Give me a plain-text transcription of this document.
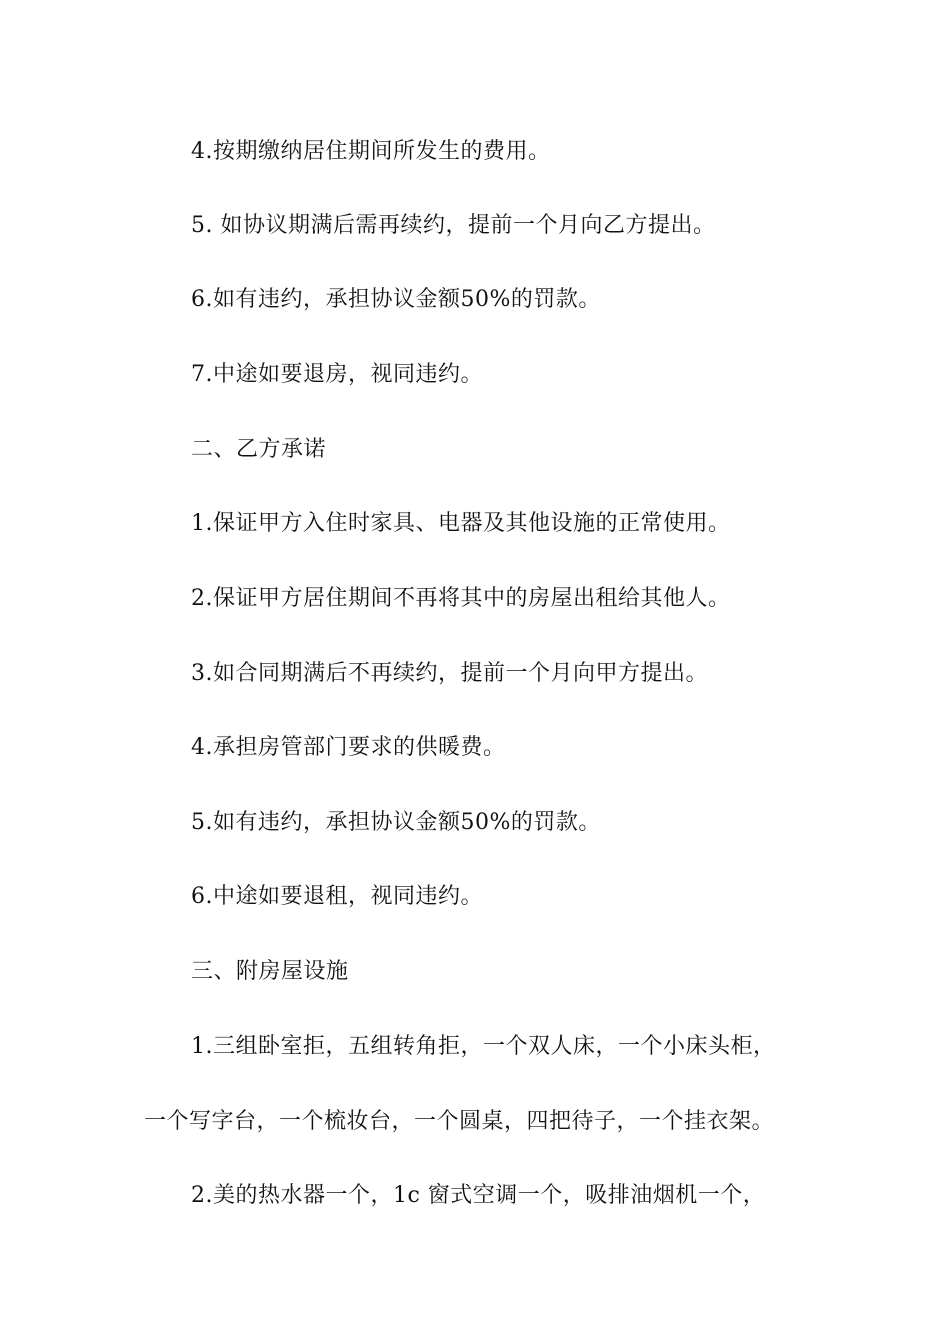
4.按期缴纳居住期间所发生的费用。
5. 如协议期满后需再续约，提前一个月向乙方提出。
6.如有违约，承担协议金额50%的罚款。
7.中途如要退房，视同违约。
二、乙方承诺
1.保证甲方入住时家具、电器及其他设施的正常使用。
2.保证甲方居住期间不再将其中的房屋出租给其他人。
3.如合同期满后不再续约，提前一个月向甲方提出。
4.承担房管部门要求的供暖费。
5.如有违约，承担协议金额50%的罚款。
6.中途如要退租，视同违约。
三、附房屋设施
1.三组卧室拒，五组转角拒，一个双人床，一个小床头柜，
一个写字台，一个梳妆台，一个圆桌，四把待子，一个挂衣架。
2.美的热水器一个，1c 窗式空调一个，吸排油烟机一个，
